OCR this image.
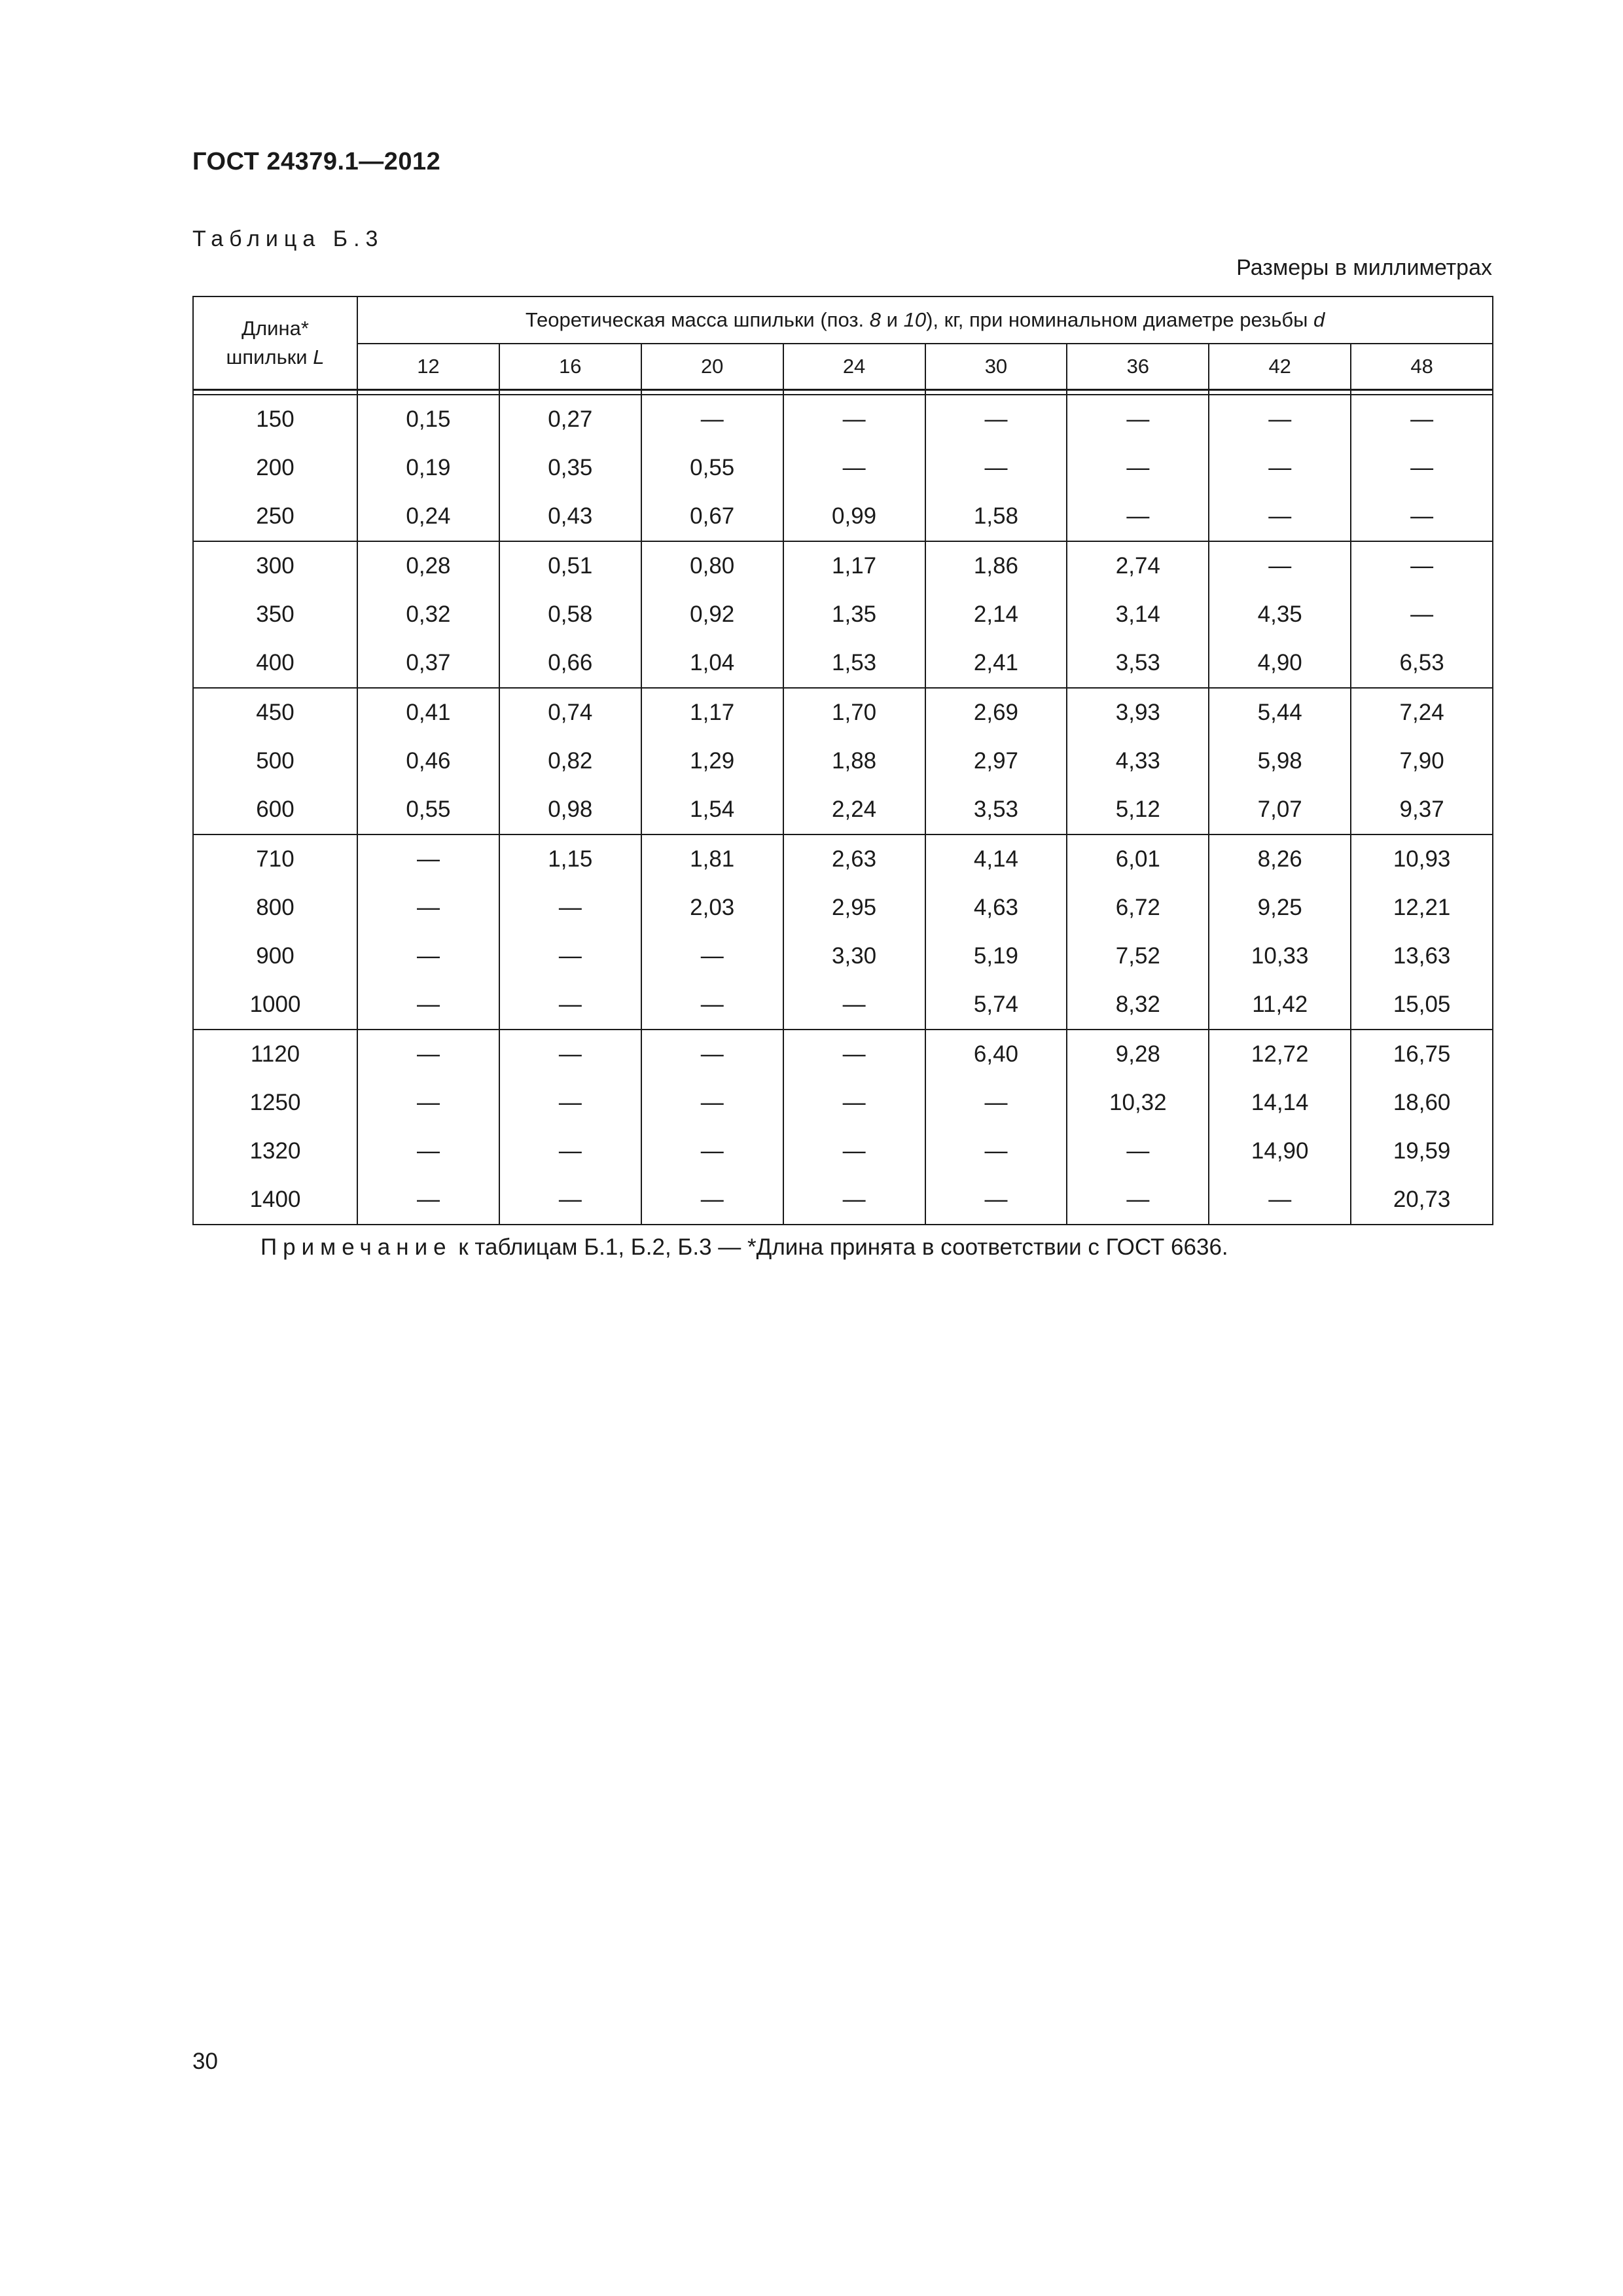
ГОСТ 24379.1—2012
Таблица Б.3
Размеры в миллиметрах
Длина*
шпильки L	Теоретическая масса шпильки (поз. 8 и 10), кг, при номинальном диаметре резьбы d							
	12	16	20	24	30	36	42	48

150	0,15	0,27	—	—	—	—	—	—
200	0,19	0,35	0,55	—	—	—	—	—
250	0,24	0,43	0,67	0,99	1,58	—	—	—
300	0,28	0,51	0,80	1,17	1,86	2,74	—	—
350	0,32	0,58	0,92	1,35	2,14	3,14	4,35	—
400	0,37	0,66	1,04	1,53	2,41	3,53	4,90	6,53
450	0,41	0,74	1,17	1,70	2,69	3,93	5,44	7,24
500	0,46	0,82	1,29	1,88	2,97	4,33	5,98	7,90
600	0,55	0,98	1,54	2,24	3,53	5,12	7,07	9,37
710	—	1,15	1,81	2,63	4,14	6,01	8,26	10,93
800	—	—	2,03	2,95	4,63	6,72	9,25	12,21
900	—	—	—	3,30	5,19	7,52	10,33	13,63
1000	—	—	—	—	5,74	8,32	11,42	15,05
1120	—	—	—	—	6,40	9,28	12,72	16,75
1250	—	—	—	—	—	10,32	14,14	18,60
1320	—	—	—	—	—	—	14,90	19,59
1400	—	—	—	—	—	—	—	20,73
Примечание к таблицам Б.1, Б.2, Б.3 — *Длина принята в соответствии с ГОСТ 6636.
30
